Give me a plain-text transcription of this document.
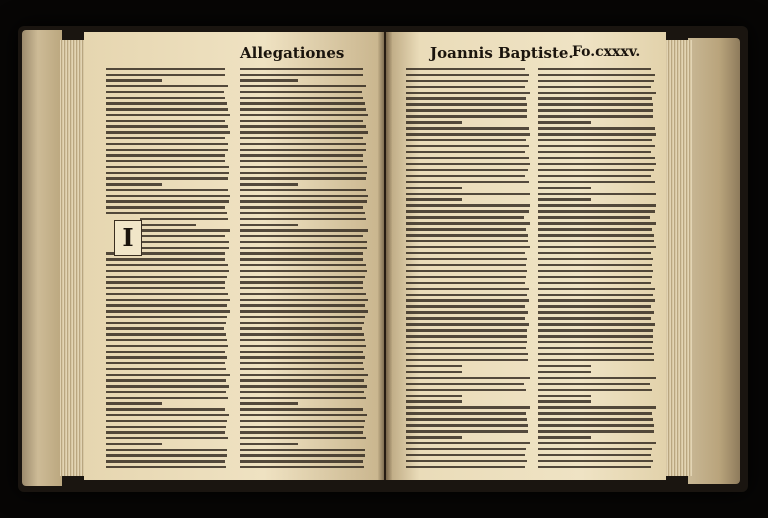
Allegationes
I
Joannis Baptiste.
Fo.cxxxv.
